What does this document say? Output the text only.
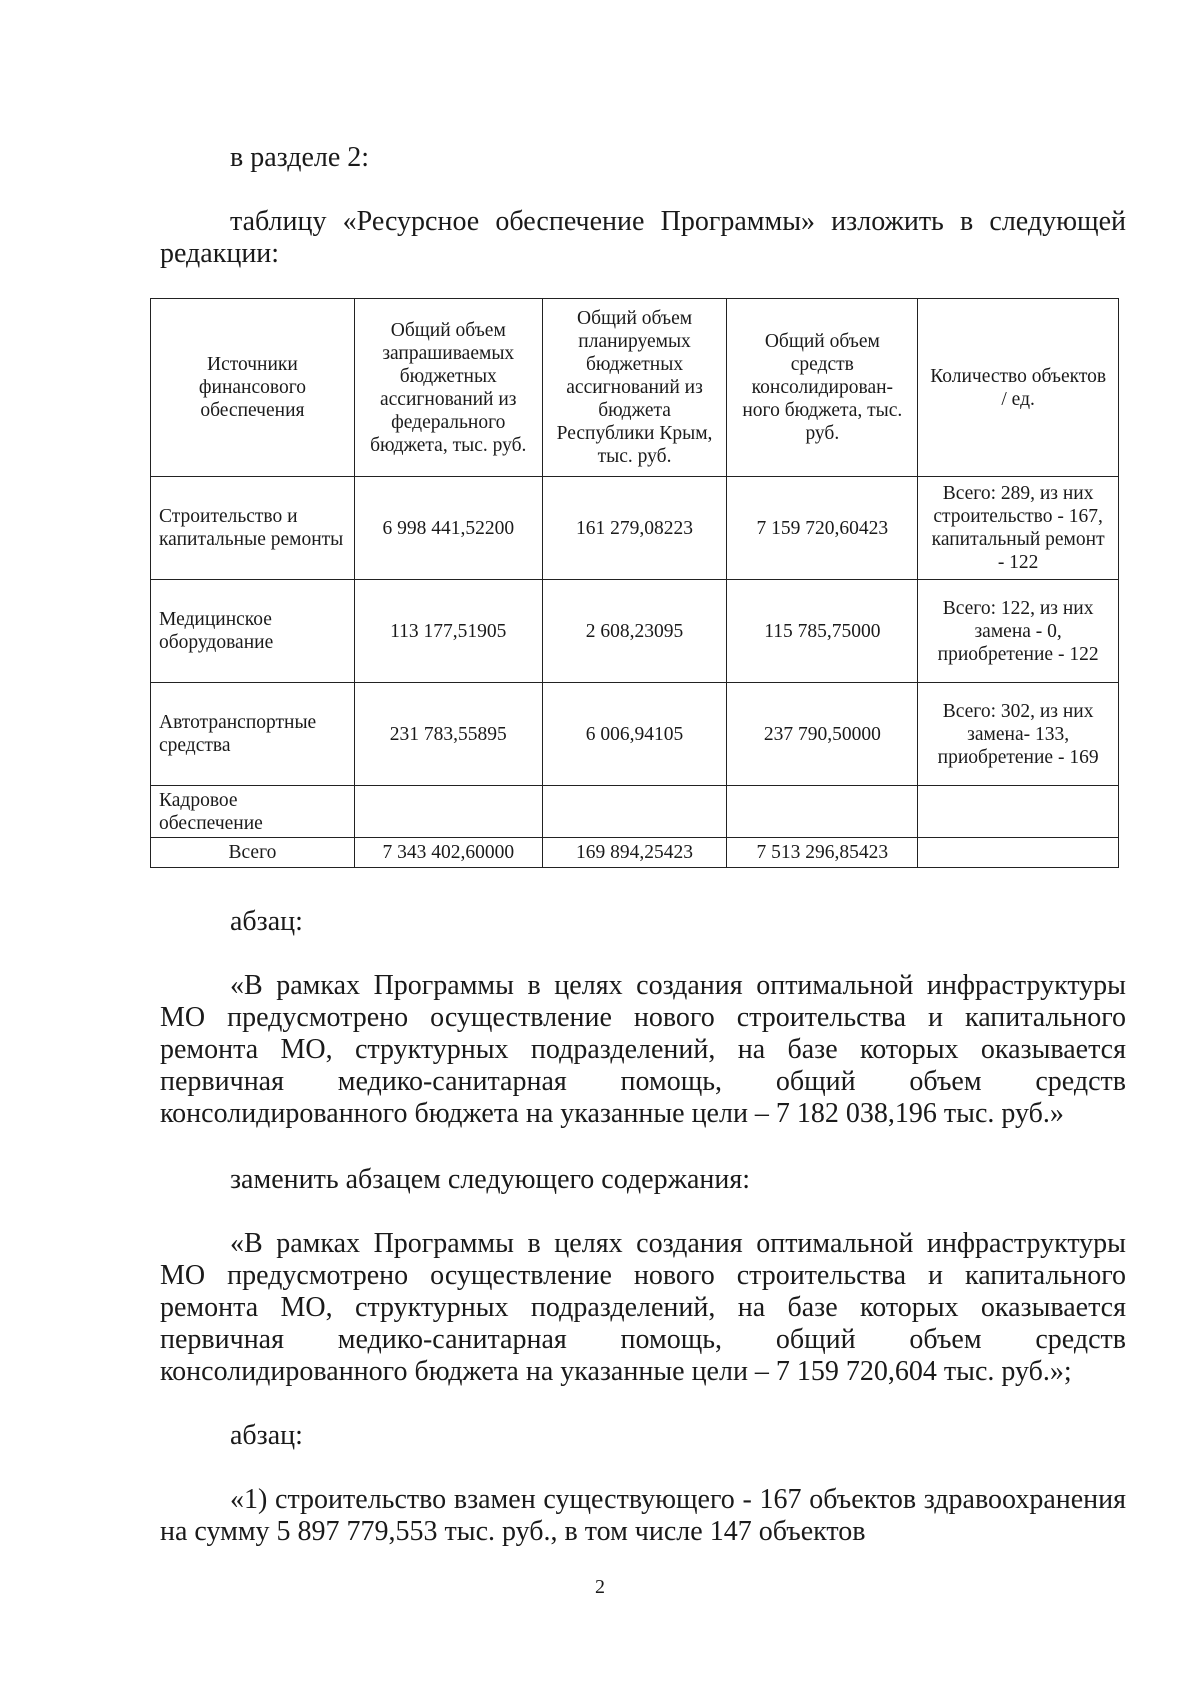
в разделе 2:

таблицу «Ресурсное обеспечение Программы» изложить в следующей редакции:

Источники финансового обеспечения	Общий объем запрашиваемых бюджетных ассигнований из федерального бюджета, тыс. руб.	Общий объем планируемых бюджетных ассигнований из бюджета Республики Крым, тыс. руб.	Общий объем средств консолидирован-ного бюджета, тыс. руб.	Количество объектов / ед.
Строительство и капитальные ремонты	6 998 441,52200	161 279,08223	7 159 720,60423	Всего: 289, из них строительство - 167, капитальный ремонт - 122
Медицинское оборудование	113 177,51905	2 608,23095	115 785,75000	Всего: 122, из них замена - 0, приобретение - 122
Автотранспортные средства	231 783,55895	6 006,94105	237 790,50000	Всего: 302, из них замена- 133, приобретение - 169
Кадровое обеспечение				
Всего	7 343 402,60000	169 894,25423	7 513 296,85423	

абзац:

«В рамках Программы в целях создания оптимальной инфраструктуры МО предусмотрено осуществление нового строительства и капитального ремонта МО, структурных подразделений, на базе которых оказывается первичная медико-санитарная помощь, общий объем средств консолидированного бюджета на указанные цели – 7 182 038,196 тыс. руб.»

заменить абзацем следующего содержания:

«В рамках Программы в целях создания оптимальной инфраструктуры МО предусмотрено осуществление нового строительства и капитального ремонта МО, структурных подразделений, на базе которых оказывается первичная медико-санитарная помощь, общий объем средств консолидированного бюджета на указанные цели – 7 159 720,604 тыс. руб.»;

абзац:

«1) строительство взамен существующего - 167 объектов здравоохранения на сумму 5 897 779,553 тыс. руб., в том числе 147 объектов

2
